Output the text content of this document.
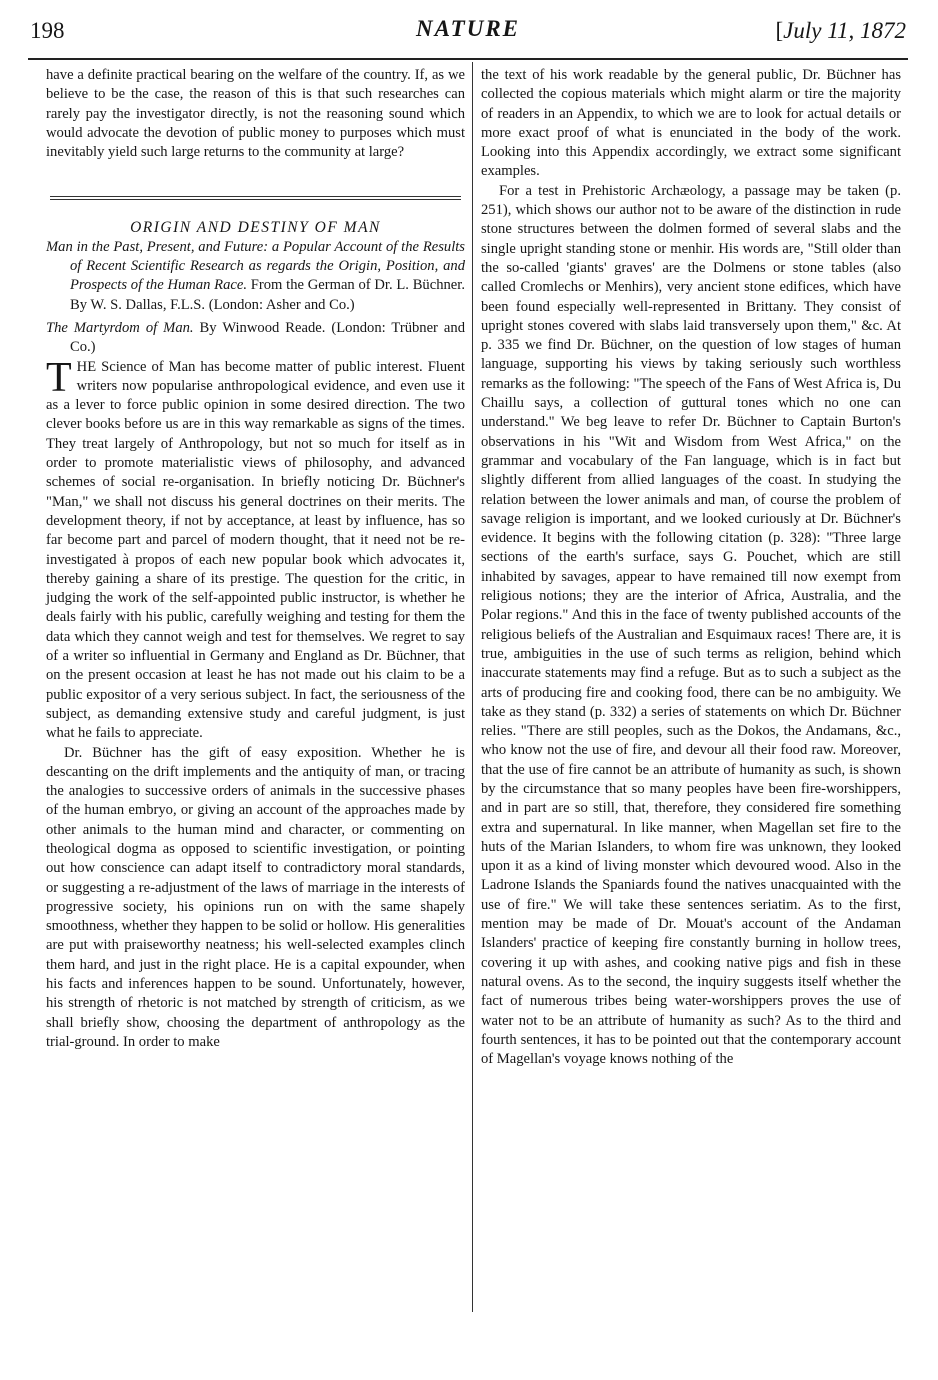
198	NATURE	[July 11, 1872

have a definite practical bearing on the welfare of the country. If, as we believe to be the case, the reason of this is that such researches can rarely pay the investigator directly, is not the reasoning sound which would advocate the devotion of public money to purposes which must inevitably yield such large returns to the community at large?

ORIGIN AND DESTINY OF MAN

Man in the Past, Present, and Future: a Popular Account of the Results of Recent Scientific Research as regards the Origin, Position, and Prospects of the Human Race. From the German of Dr. L. Büchner. By W. S. Dallas, F.L.S. (London: Asher and Co.)

The Martyrdom of Man. By Winwood Reade. (London: Trübner and Co.)

THE Science of Man has become matter of public interest. Fluent writers now popularise anthropological evidence, and even use it as a lever to force public opinion in some desired direction. The two clever books before us are in this way remarkable as signs of the times. They treat largely of Anthropology, but not so much for itself as in order to promote materialistic views of philosophy, and advanced schemes of social re-organisation. In briefly noticing Dr. Büchner's "Man," we shall not discuss his general doctrines on their merits. The development theory, if not by acceptance, at least by influence, has so far become part and parcel of modern thought, that it need not be re-investigated à propos of each new popular book which advocates it, thereby gaining a share of its prestige. The question for the critic, in judging the work of the self-appointed public instructor, is whether he deals fairly with his public, carefully weighing and testing for them the data which they cannot weigh and test for themselves. We regret to say of a writer so influential in Germany and England as Dr. Büchner, that on the present occasion at least he has not made out his claim to be a public expositor of a very serious subject. In fact, the seriousness of the subject, as demanding extensive study and careful judgment, is just what he fails to appreciate.

Dr. Büchner has the gift of easy exposition. Whether he is descanting on the drift implements and the antiquity of man, or tracing the analogies to successive orders of animals in the successive phases of the human embryo, or giving an account of the approaches made by other animals to the human mind and character, or commenting on theological dogma as opposed to scientific investigation, or pointing out how conscience can adapt itself to contradictory moral standards, or suggesting a re-adjustment of the laws of marriage in the interests of progressive society, his opinions run on with the same shapely smoothness, whether they happen to be solid or hollow. His generalities are put with praiseworthy neatness; his well-selected examples clinch them hard, and just in the right place. He is a capital expounder, when his facts and inferences happen to be sound. Unfortunately, however, his strength of rhetoric is not matched by strength of criticism, as we shall briefly show, choosing the department of anthropology as the trial-ground. In order to make

the text of his work readable by the general public, Dr. Büchner has collected the copious materials which might alarm or tire the majority of readers in an Appendix, to which we are to look for actual details or more exact proof of what is enunciated in the body of the work. Looking into this Appendix accordingly, we extract some significant examples.

For a test in Prehistoric Archæology, a passage may be taken (p. 251), which shows our author not to be aware of the distinction in rude stone structures between the dolmen formed of several slabs and the single upright standing stone or menhir. His words are, "Still older than the so-called 'giants' graves' are the Dolmens or stone tables (also called Cromlechs or Menhirs), very ancient stone edifices, which have been found especially well-represented in Brittany. They consist of upright stones covered with slabs laid transversely upon them," &c. At p. 335 we find Dr. Büchner, on the question of low stages of human language, supporting his views by taking seriously such worthless remarks as the following: "The speech of the Fans of West Africa is, Du Chaillu says, a collection of guttural tones which no one can understand." We beg leave to refer Dr. Büchner to Captain Burton's observations in his "Wit and Wisdom from West Africa," on the grammar and vocabulary of the Fan language, which is in fact but slightly different from allied languages of the coast. In studying the relation between the lower animals and man, of course the problem of savage religion is important, and we looked curiously at Dr. Büchner's evidence. It begins with the following citation (p. 328): "Three large sections of the earth's surface, says G. Pouchet, which are still inhabited by savages, appear to have remained till now exempt from religious notions; they are the interior of Africa, Australia, and the Polar regions." And this in the face of twenty published accounts of the religious beliefs of the Australian and Esquimaux races! There are, it is true, ambiguities in the use of such terms as religion, behind which inaccurate statements may find a refuge. But as to such a subject as the arts of producing fire and cooking food, there can be no ambiguity. We take as they stand (p. 332) a series of statements on which Dr. Büchner relies. "There are still peoples, such as the Dokos, the Andamans, &c., who know not the use of fire, and devour all their food raw. Moreover, that the use of fire cannot be an attribute of humanity as such, is shown by the circumstance that so many peoples have been fire-worshippers, and in part are so still, that, therefore, they considered fire something extra and supernatural. In like manner, when Magellan set fire to the huts of the Marian Islanders, to whom fire was unknown, they looked upon it as a kind of living monster which devoured wood. Also in the Ladrone Islands the Spaniards found the natives unacquainted with the use of fire." We will take these sentences seriatim. As to the first, mention may be made of Dr. Mouat's account of the Andaman Islanders' practice of keeping fire constantly burning in hollow trees, covering it up with ashes, and cooking native pigs and fish in these natural ovens. As to the second, the inquiry suggests itself whether the fact of numerous tribes being water-worshippers proves the use of water not to be an attribute of humanity as such? As to the third and fourth sentences, it has to be pointed out that the contemporary account of Magellan's voyage knows nothing of the
